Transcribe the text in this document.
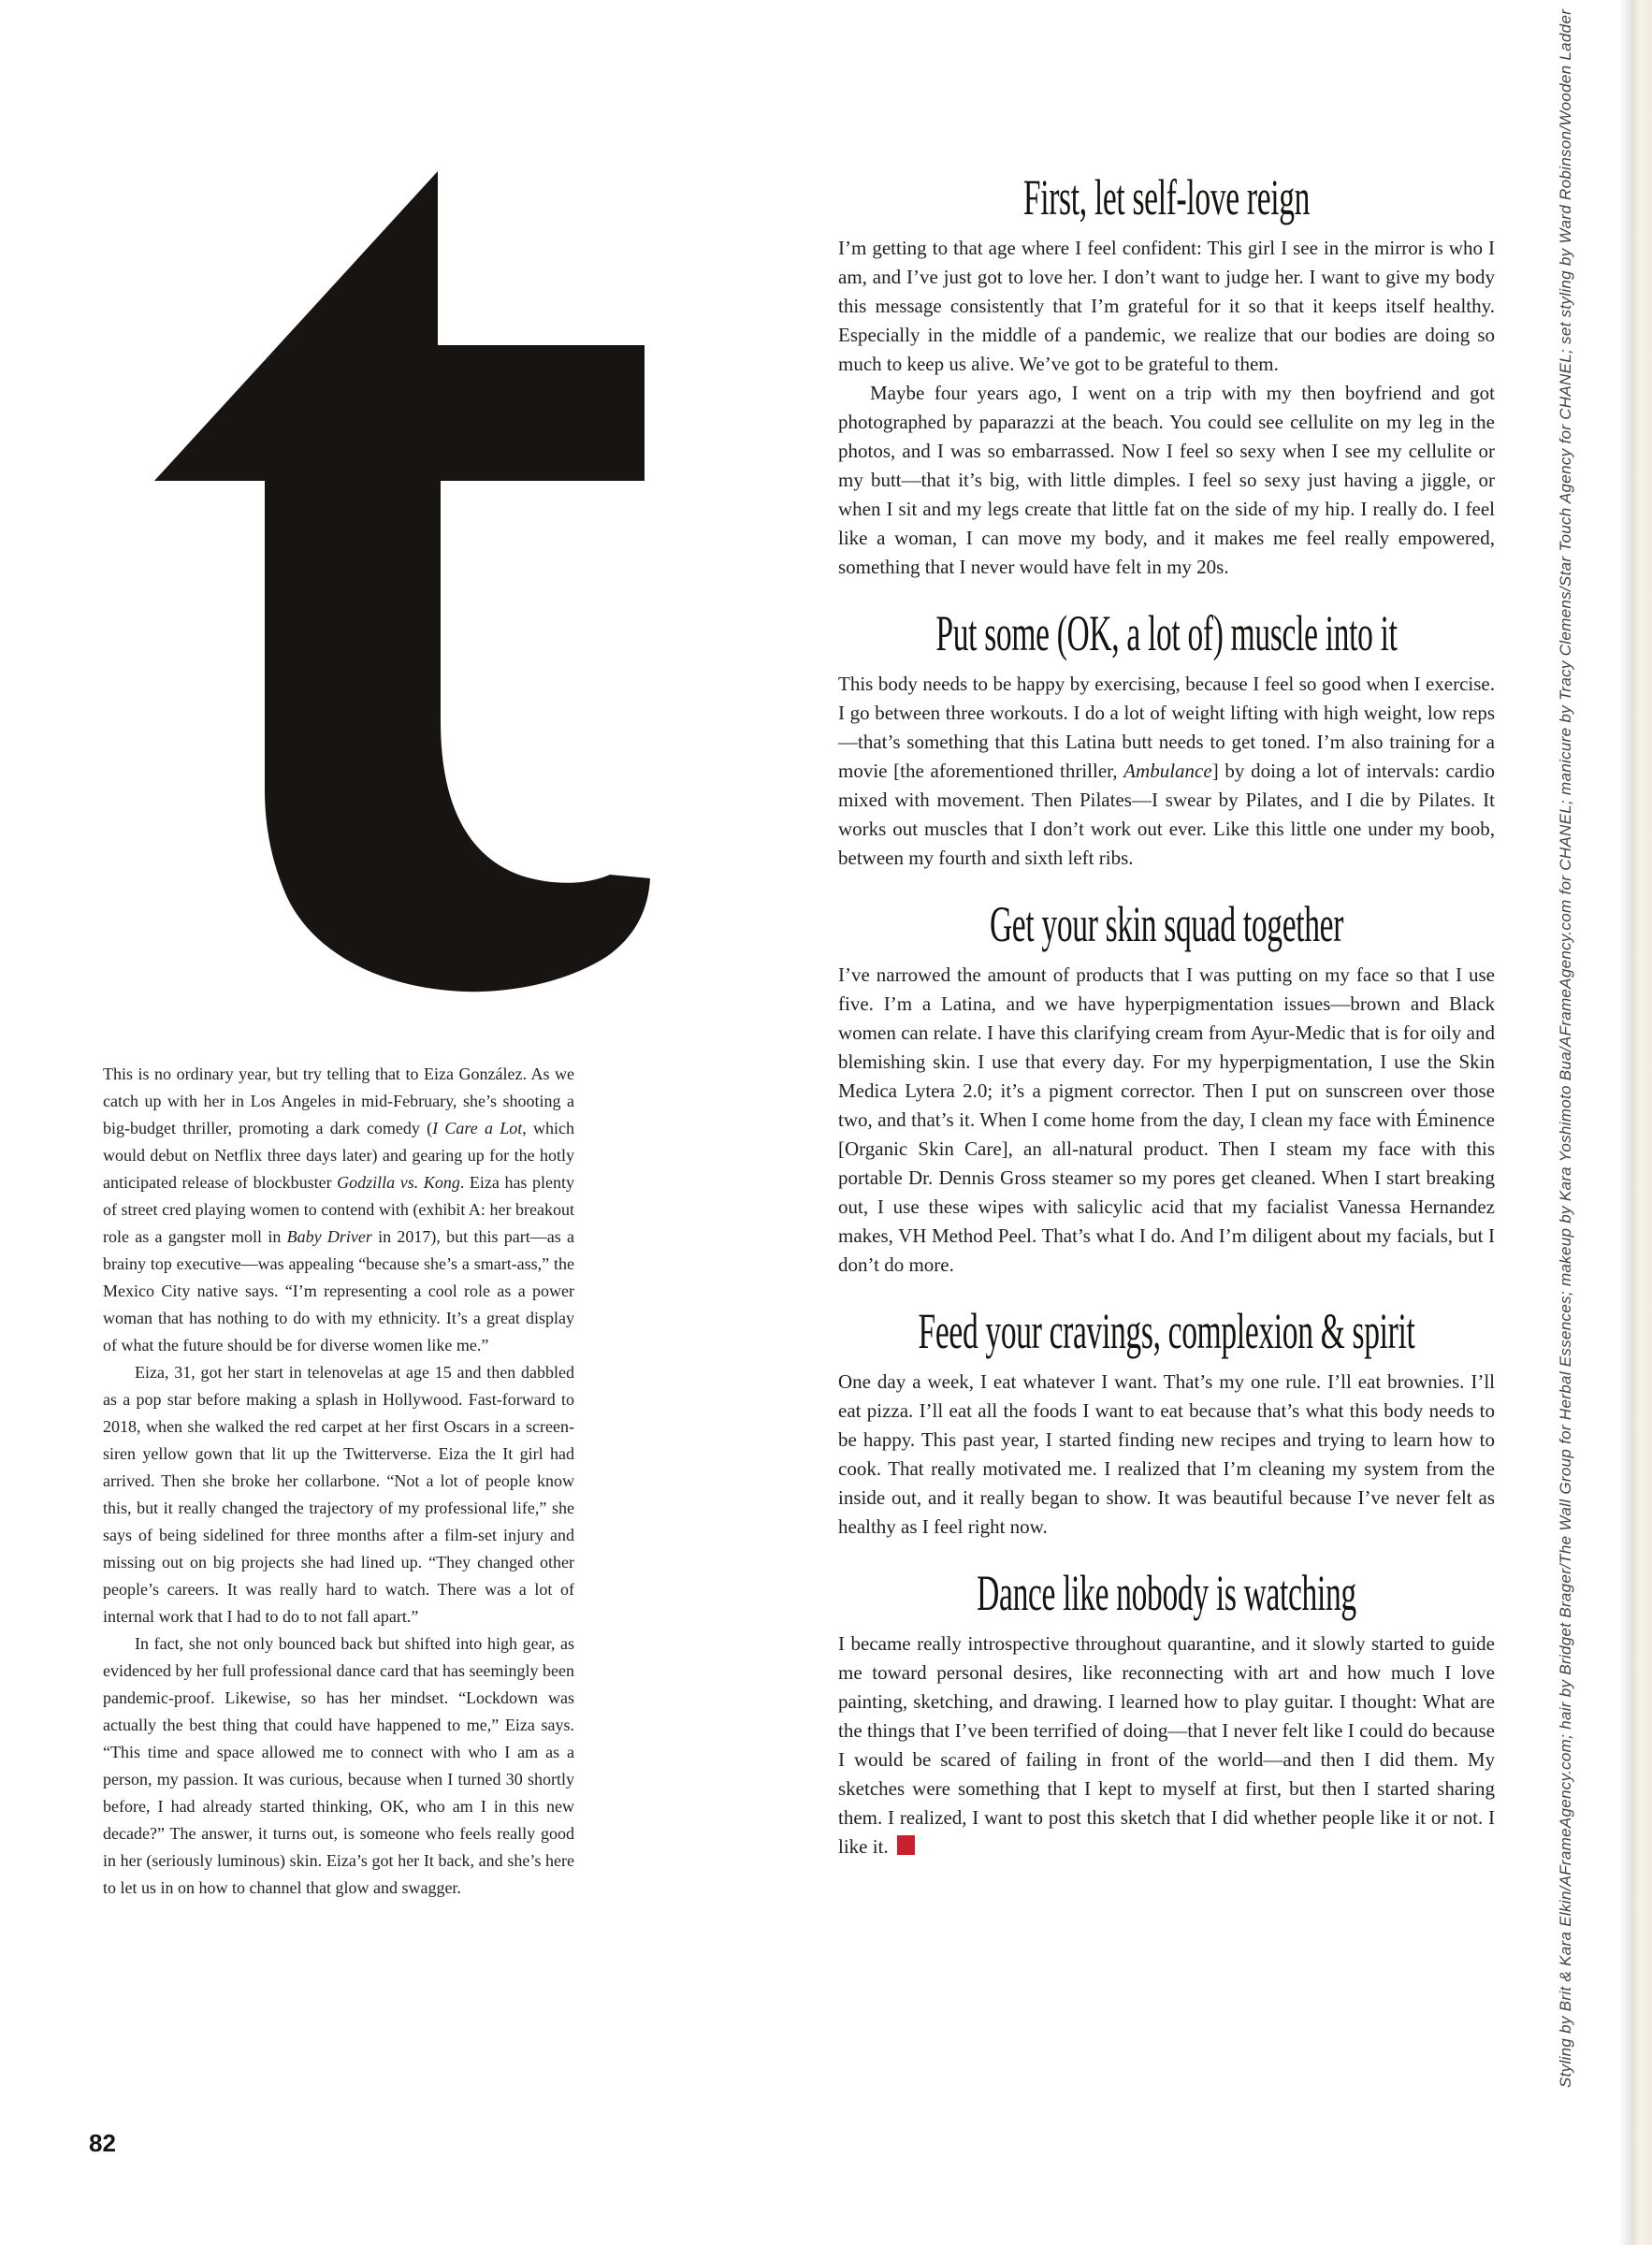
This is no ordinary year, but try telling that to Eiza González. As we catch up with her in Los Angeles in mid-February, she’s shooting a big-budget thriller, promoting a dark comedy (I Care a Lot, which would debut on Netflix three days later) and gearing up for the hotly anticipated release of blockbuster Godzilla vs. Kong. Eiza has plenty of street cred playing women to contend with (exhibit A: her breakout role as a gangster moll in Baby Driver in 2017), but this part—as a brainy top executive—was appealing “because she’s a smart-ass,” the Mexico City native says. “I’m representing a cool role as a power woman that has nothing to do with my ethnicity. It’s a great display of what the future should be for diverse women like me.”

Eiza, 31, got her start in telenovelas at age 15 and then dabbled as a pop star before making a splash in Hollywood. Fast-forward to 2018, when she walked the red carpet at her first Oscars in a screen-siren yellow gown that lit up the Twitterverse. Eiza the It girl had arrived. Then she broke her collarbone. “Not a lot of people know this, but it really changed the trajectory of my professional life,” she says of being sidelined for three months after a film-set injury and missing out on big projects she had lined up. “They changed other people’s careers. It was really hard to watch. There was a lot of internal work that I had to do to not fall apart.”

In fact, she not only bounced back but shifted into high gear, as evidenced by her full professional dance card that has seemingly been pandemic-proof. Likewise, so has her mindset. “Lockdown was actually the best thing that could have happened to me,” Eiza says. “This time and space allowed me to connect with who I am as a person, my passion. It was curious, because when I turned 30 shortly before, I had already started thinking, OK, who am I in this new decade?” The answer, it turns out, is someone who feels really good in her (seriously luminous) skin. Eiza’s got her It back, and she’s here to let us in on how to channel that glow and swagger.

First, let self-love reign

I’m getting to that age where I feel confident: This girl I see in the mirror is who I am, and I’ve just got to love her. I don’t want to judge her. I want to give my body this message consistently that I’m grateful for it so that it keeps itself healthy. Especially in the middle of a pandemic, we realize that our bodies are doing so much to keep us alive. We’ve got to be grateful to them.

Maybe four years ago, I went on a trip with my then boyfriend and got photographed by paparazzi at the beach. You could see cellulite on my leg in the photos, and I was so embarrassed. Now I feel so sexy when I see my cellulite or my butt—that it’s big, with little dimples. I feel so sexy just having a jiggle, or when I sit and my legs create that little fat on the side of my hip. I really do. I feel like a woman, I can move my body, and it makes me feel really empowered, something that I never would have felt in my 20s.

Put some (OK, a lot of) muscle into it

This body needs to be happy by exercising, because I feel so good when I exercise. I go between three workouts. I do a lot of weight lifting with high weight, low reps—that’s something that this Latina butt needs to get toned. I’m also training for a movie [the aforementioned thriller, Ambulance] by doing a lot of intervals: cardio mixed with movement. Then Pilates—I swear by Pilates, and I die by Pilates. It works out muscles that I don’t work out ever. Like this little one under my boob, between my fourth and sixth left ribs.

Get your skin squad together

I’ve narrowed the amount of products that I was putting on my face so that I use five. I’m a Latina, and we have hyperpigmentation issues—brown and Black women can relate. I have this clarifying cream from Ayur-Medic that is for oily and blemishing skin. I use that every day. For my hyperpigmentation, I use the Skin Medica Lytera 2.0; it’s a pigment corrector. Then I put on sunscreen over those two, and that’s it. When I come home from the day, I clean my face with Éminence [Organic Skin Care], an all-natural product. Then I steam my face with this portable Dr. Dennis Gross steamer so my pores get cleaned. When I start breaking out, I use these wipes with salicylic acid that my facialist Vanessa Hernandez makes, VH Method Peel. That’s what I do. And I’m diligent about my facials, but I don’t do more.

Feed your cravings, complexion & spirit

One day a week, I eat whatever I want. That’s my one rule. I’ll eat brownies. I’ll eat pizza. I’ll eat all the foods I want to eat because that’s what this body needs to be happy. This past year, I started finding new recipes and trying to learn how to cook. That really motivated me. I realized that I’m cleaning my system from the inside out, and it really began to show. It was beautiful because I’ve never felt as healthy as I feel right now.

Dance like nobody is watching

I became really introspective throughout quarantine, and it slowly started to guide me toward personal desires, like reconnecting with art and how much I love painting, sketching, and drawing. I learned how to play guitar. I thought: What are the things that I’ve been terrified of doing—that I never felt like I could do because I would be scared of failing in front of the world—and then I did them. My sketches were something that I kept to myself at first, but then I started sharing them. I realized, I want to post this sketch that I did whether people like it or not. I like it.	Styling by Brit & Kara Elkin/AFrameAgency.com; hair by Bridget Brager/The Wall Group for Herbal Essences; makeup by Kara Yoshimoto Bua/AFrameAgency.com for CHANEL; manicure by Tracy Clemens/Star Touch Agency for CHANEL; set styling by Ward Robinson/Wooden Ladder
82
